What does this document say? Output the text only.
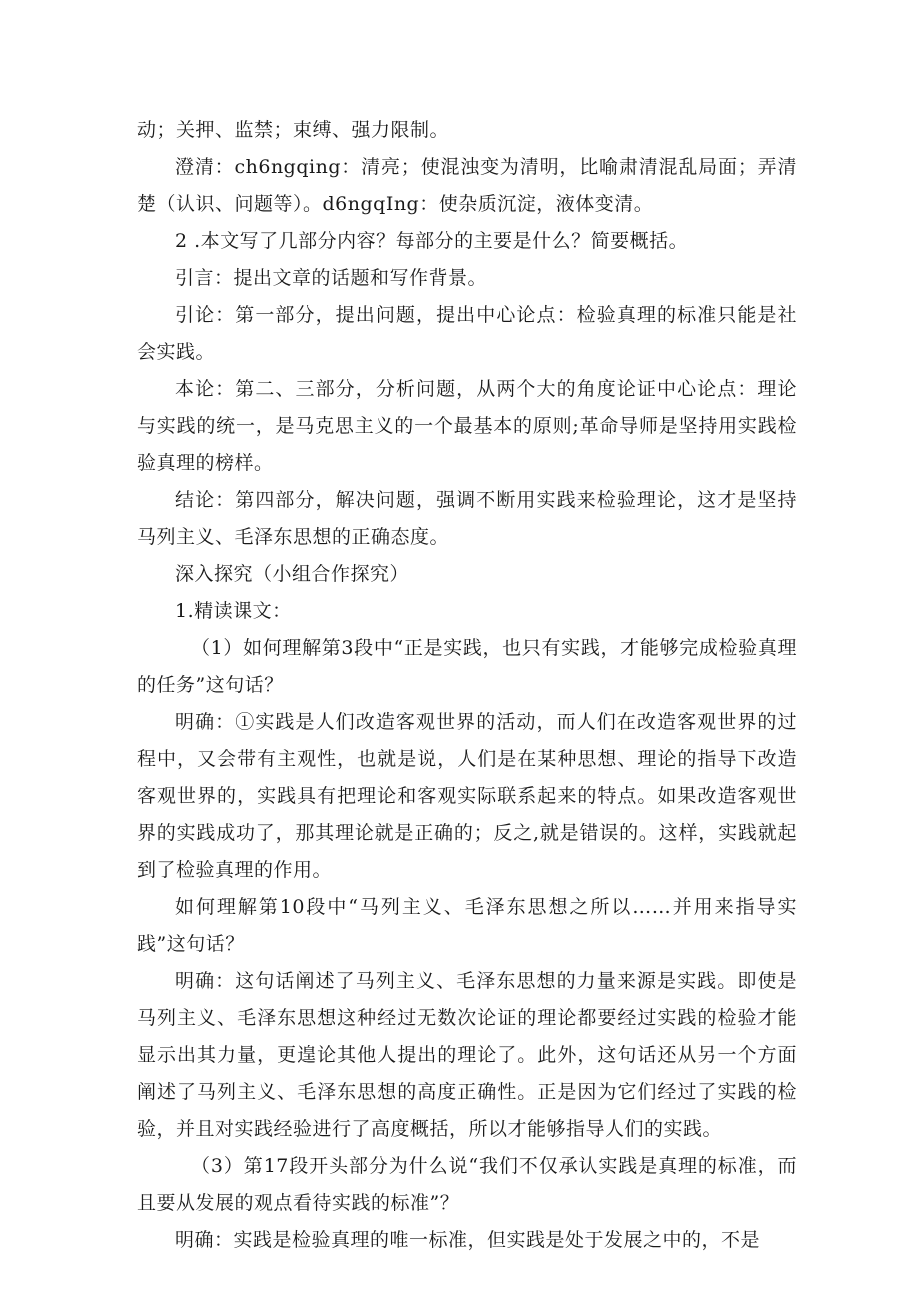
动；关押、监禁；束缚、强力限制。

澄清：ch6ngqing：清亮；使混浊变为清明，比喻肃清混乱局面；弄清楚（认识、问题等）。d6ngqIng：使杂质沉淀，液体变清。

2 .本文写了几部分内容？每部分的主要是什么？简要概括。

引言：提出文章的话题和写作背景。

引论：第一部分，提出问题，提出中心论点：检验真理的标准只能是社会实践。

本论：第二、三部分，分析问题，从两个大的角度论证中心论点：理论与实践的统一，是马克思主义的一个最基本的原则;革命导师是坚持用实践检验真理的榜样。

结论：第四部分，解决问题，强调不断用实践来检验理论，这才是坚持马列主义、毛泽东思想的正确态度。

深入探究（小组合作探究）

1.精读课文：

（1）如何理解第3段中“正是实践，也只有实践，才能够完成检验真理的任务”这句话？

明确：①实践是人们改造客观世界的活动，而人们在改造客观世界的过程中，又会带有主观性，也就是说，人们是在某种思想、理论的指导下改造客观世界的，实践具有把理论和客观实际联系起来的特点。如果改造客观世界的实践成功了，那其理论就是正确的；反之,就是错误的。这样，实践就起到了检验真理的作用。

如何理解第10段中“马列主义、毛泽东思想之所以……并用来指导实践”这句话？

明确：这句话阐述了马列主义、毛泽东思想的力量来源是实践。即使是马列主义、毛泽东思想这种经过无数次论证的理论都要经过实践的检验才能显示出其力量，更遑论其他人提出的理论了。此外，这句话还从另一个方面阐述了马列主义、毛泽东思想的高度正确性。正是因为它们经过了实践的检验，并且对实践经验进行了高度概括，所以才能够指导人们的实践。

（3）第17段开头部分为什么说“我们不仅承认实践是真理的标准，而且要从发展的观点看待实践的标准”？

明确：实践是检验真理的唯一标准，但实践是处于发展之中的，不是
